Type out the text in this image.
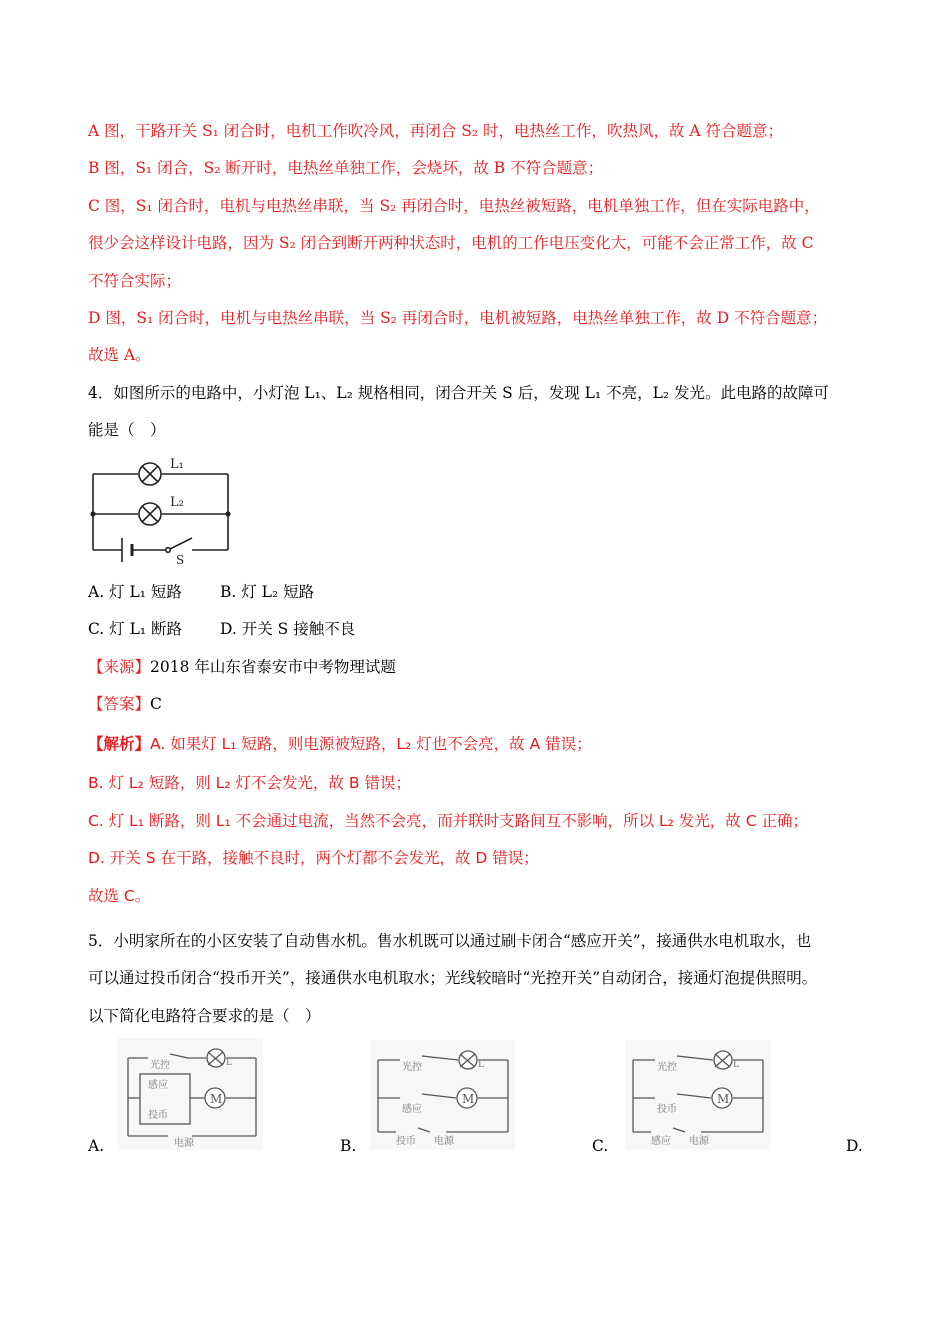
A 图，干路开关 S₁ 闭合时，电机工作吹冷风，再闭合 S₂ 时，电热丝工作，吹热风，故 A 符合题意；
B 图，S₁ 闭合，S₂ 断开时，电热丝单独工作，会烧坏，故 B 不符合题意；
C 图，S₁ 闭合时，电机与电热丝串联，当 S₂ 再闭合时，电热丝被短路，电机单独工作，但在实际电路中，
很少会这样设计电路，因为 S₂ 闭合到断开两种状态时，电机的工作电压变化大，可能不会正常工作，故 C
不符合实际；
D 图，S₁ 闭合时，电机与电热丝串联，当 S₂ 再闭合时，电机被短路，电热丝单独工作，故 D 不符合题意；
故选 A。
4．如图所示的电路中，小灯泡 L₁、L₂ 规格相同，闭合开关 S 后，发现 L₁ 不亮，L₂ 发光。此电路的故障可
能是（　）
L₁
L₂
S
A. 灯 L₁ 短路 B. 灯 L₂ 短路
C. 灯 L₁ 断路 D. 开关 S 接触不良
【来源】2018 年山东省泰安市中考物理试题
【答案】C
【解析】A. 如果灯 L₁ 短路，则电源被短路，L₂ 灯也不会亮，故 A 错误；
B. 灯 L₂ 短路，则 L₂ 灯不会发光，故 B 错误；
C. 灯 L₁ 断路，则 L₁ 不会通过电流，当然不会亮，而并联时支路间互不影响，所以 L₂ 发光，故 C 正确；
D. 开关 S 在干路，接触不良时，两个灯都不会发光，故 D 错误；
故选 C。
5．小明家所在的小区安装了自动售水机。售水机既可以通过刷卡闭合“感应开关”，接通供水电机取水，也
可以通过投币闭合“投币开关”，接通供水电机取水；光线较暗时“光控开关”自动闭合，接通灯泡提供照明。
以下简化电路符合要求的是（　）
M
L
光控
感应
投币
电源
A.
M
L
光控
感应
投币 电源
B.
M
L
光控
投币
感应 电源
C.	D.
